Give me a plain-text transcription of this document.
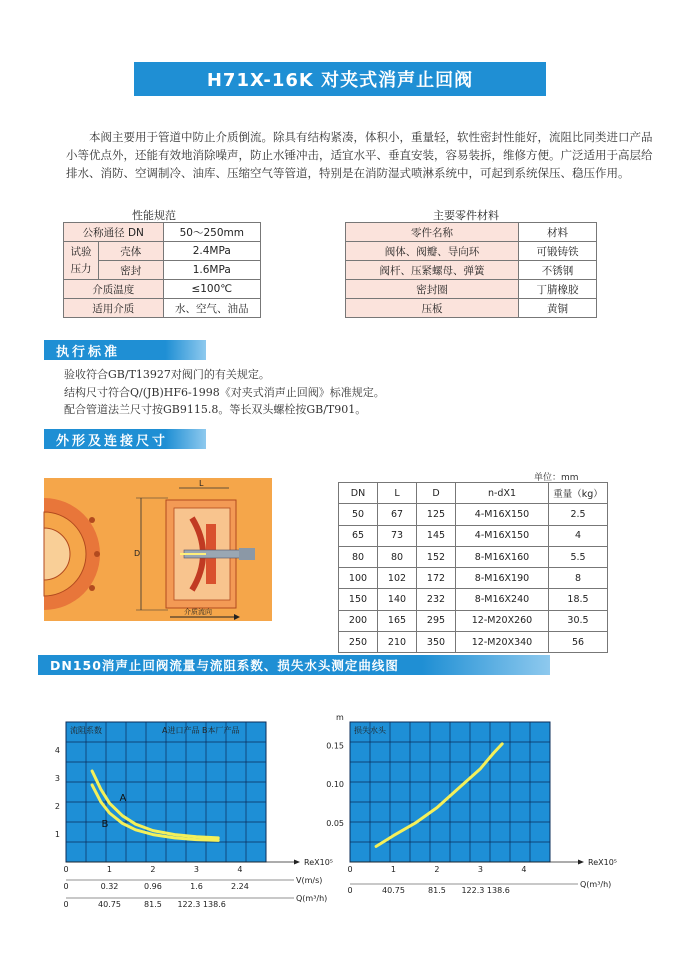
H71X-16K 对夹式消声止回阀
本阀主要用于管道中防止介质倒流。除具有结构紧凑，体积小，重量轻，软性密封性能好，流阻比同类进口产品小等优点外，还能有效地消除噪声，防止水锤冲击，适宜水平、垂直安装，容易装拆，维修方便。广泛适用于高层给排水、消防、空调制冷、油库、压缩空气等管道，特别是在消防湿式喷淋系统中，可起到系统保压、稳压作用。
性能规范
公称通径 DN		50～250mm
试验
压力	壳体	2.4MPa
	密封	1.6MPa
介质温度		≤100℃
适用介质		水、空气、油品
主要零件材料
零件名称	材料
阀体、阀瓣、导向环	可锻铸铁
阀杆、压紧螺母、弹簧	不锈钢
密封圈	丁腈橡胶
压板	黄铜
执行标准
验收符合GB/T13927对阀门的有关规定。
结构尺寸符合Q/(JB)HF6-1998《对夹式消声止回阀》标准规定。
配合管道法兰尺寸按GB9115.8。等长双头螺栓按GB/T901。
外形及连接尺寸
D
L
介质流向
单位：mm
DN	L	D	n-dX1	重量（kg）
50	67	125	4-M16X150	2.5
65	73	145	4-M16X150	4
80	80	152	8-M16X160	5.5
100	102	172	8-M16X190	8
150	140	232	8-M16X240	18.5
200	165	295	12-M20X260	30.5
250	210	350	12-M20X340	56
DN150消声止回阀流量与流阻系数、损失水头测定曲线图
A
B
流阻系数	A进口产品 B本厂产品
4
3
2
1
0	1	2	3	4
ReX10⁵
0	0.32	0.96	1.6	2.24
V(m/s)
0	40.75	81.5 122.3 138.6
Q(m³/h)
损失水头
m
0.15
0.10
0.05
0	1	2	3	4
ReX10⁵
0	40.75	81.5 122.3 138.6
Q(m³/h)
